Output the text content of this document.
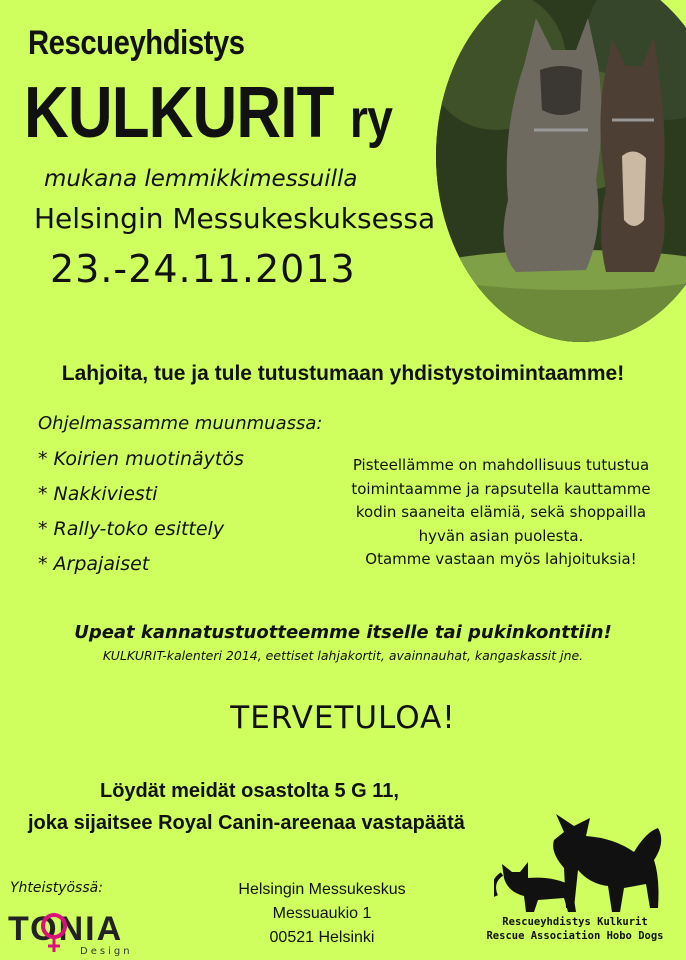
Rescueyhdistys
KULKURIT ry
mukana lemmikkimessuilla
Helsingin Messukeskuksessa
23.-24.11.2013
Lahjoita, tue ja tule tutustumaan yhdistystoimintaamme!
Ohjelmassamme muunmuassa:
* Koirien muotinäytös
* Nakkiviesti
* Rally-toko esittely
* Arpajaiset
Pisteellämme on mahdollisuus tutustua
toimintaamme ja rapsutella kauttamme
kodin saaneita elämiä, sekä shoppailla
hyvän asian puolesta.
Otamme vastaan myös lahjoituksia!
Upeat kannatustuotteemme itselle tai pukinkonttiin!
KULKURIT-kalenteri 2014, eettiset lahjakortit, avainnauhat, kangaskassit jne.
TERVETULOA!
Löydät meidät osastolta 5 G 11,
joka sijaitsee Royal Canin-areenaa vastapäätä
Yhteistyössä:
TONIA
Design
Helsingin Messukeskus
Messuaukio 1
00521 Helsinki
Rescueyhdistys Kulkurit
Rescue Association Hobo Dogs
